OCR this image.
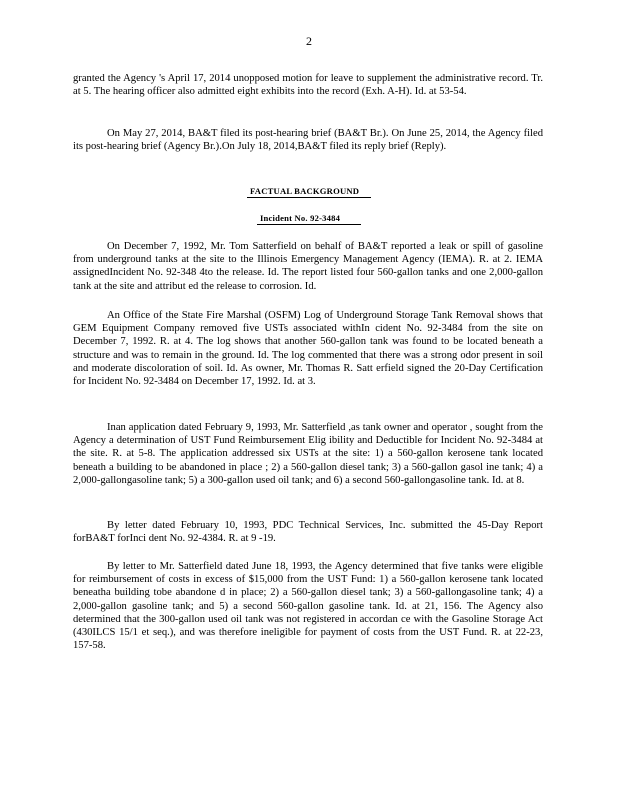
2
granted the Agency 's April 17, 2014 unopposed motion for leave to supplement the administrative record. Tr. at 5. The hearing officer also admitted eight exhibits into the record (Exh. A-H). Id. at 53-54.
On May 27, 2014, BA&T filed its post-hearing brief (BA&T Br.). On June 25, 2014, the Agency filed its post-hearing brief (Agency Br.).On July 18, 2014,BA&T filed its reply brief (Reply).
FACTUAL BACKGROUND
Incident No. 92-3484
On December 7, 1992, Mr. Tom Satterfield on behalf of BA&T reported a leak or spill of gasoline from underground tanks at the site to the Illinois Emergency Management Agency (IEMA). R. at 2. IEMA assignedIncident No. 92-348 4to the release. Id. The report listed four 560-gallon tanks and one 2,000-gallon tank at the site and attribut ed the release to corrosion. Id.
An Office of the State Fire Marshal (OSFM) Log of Underground Storage Tank Removal shows that GEM Equipment Company removed five USTs associated withIn cident No. 92-3484 from the site on December 7, 1992. R. at 4. The log shows that another 560-gallon tank was found to be located beneath a structure and was to remain in the ground. Id. The log commented that there was a strong odor present in soil and moderate discoloration of soil. Id. As owner, Mr. Thomas R. Satt erfield signed the 20-Day Certification for Incident No. 92-3484 on December 17, 1992. Id. at 3.
Inan application dated February 9, 1993, Mr. Satterfield ,as tank owner and operator , sought from the Agency a determination of UST Fund Reimbursement Elig ibility and Deductible for Incident No. 92-3484 at the site. R. at 5-8. The application addressed six USTs at the site: 1) a 560-gallon kerosene tank located beneath a building to be abandoned in place ; 2) a 560-gallon diesel tank; 3) a 560-gallon gasol ine tank; 4) a 2,000-gallongasoline tank; 5) a 300-gallon used oil tank; and 6) a second 560-gallongasoline tank. Id. at 8.
By letter dated February 10, 1993, PDC Technical Services, Inc. submitted the 45-Day Report forBA&T forInci dent No. 92-4384. R. at 9 -19.
By letter to Mr. Satterfield dated June 18, 1993, the Agency determined that five tanks were eligible for reimbursement of costs in excess of $15,000 from the UST Fund: 1) a 560-gallon kerosene tank located beneatha building tobe abandone d in place; 2) a 560-gallon diesel tank; 3) a 560-gallongasoline tank; 4) a 2,000-gallon gasoline tank; and 5) a second 560-gallon gasoline tank. Id. at 21, 156. The Agency also determined that the 300-gallon used oil tank was not registered in accordan ce with the Gasoline Storage Act (430ILCS 15/1 et seq.), and was therefore ineligible for payment of costs from the UST Fund. R. at 22-23, 157-58.
